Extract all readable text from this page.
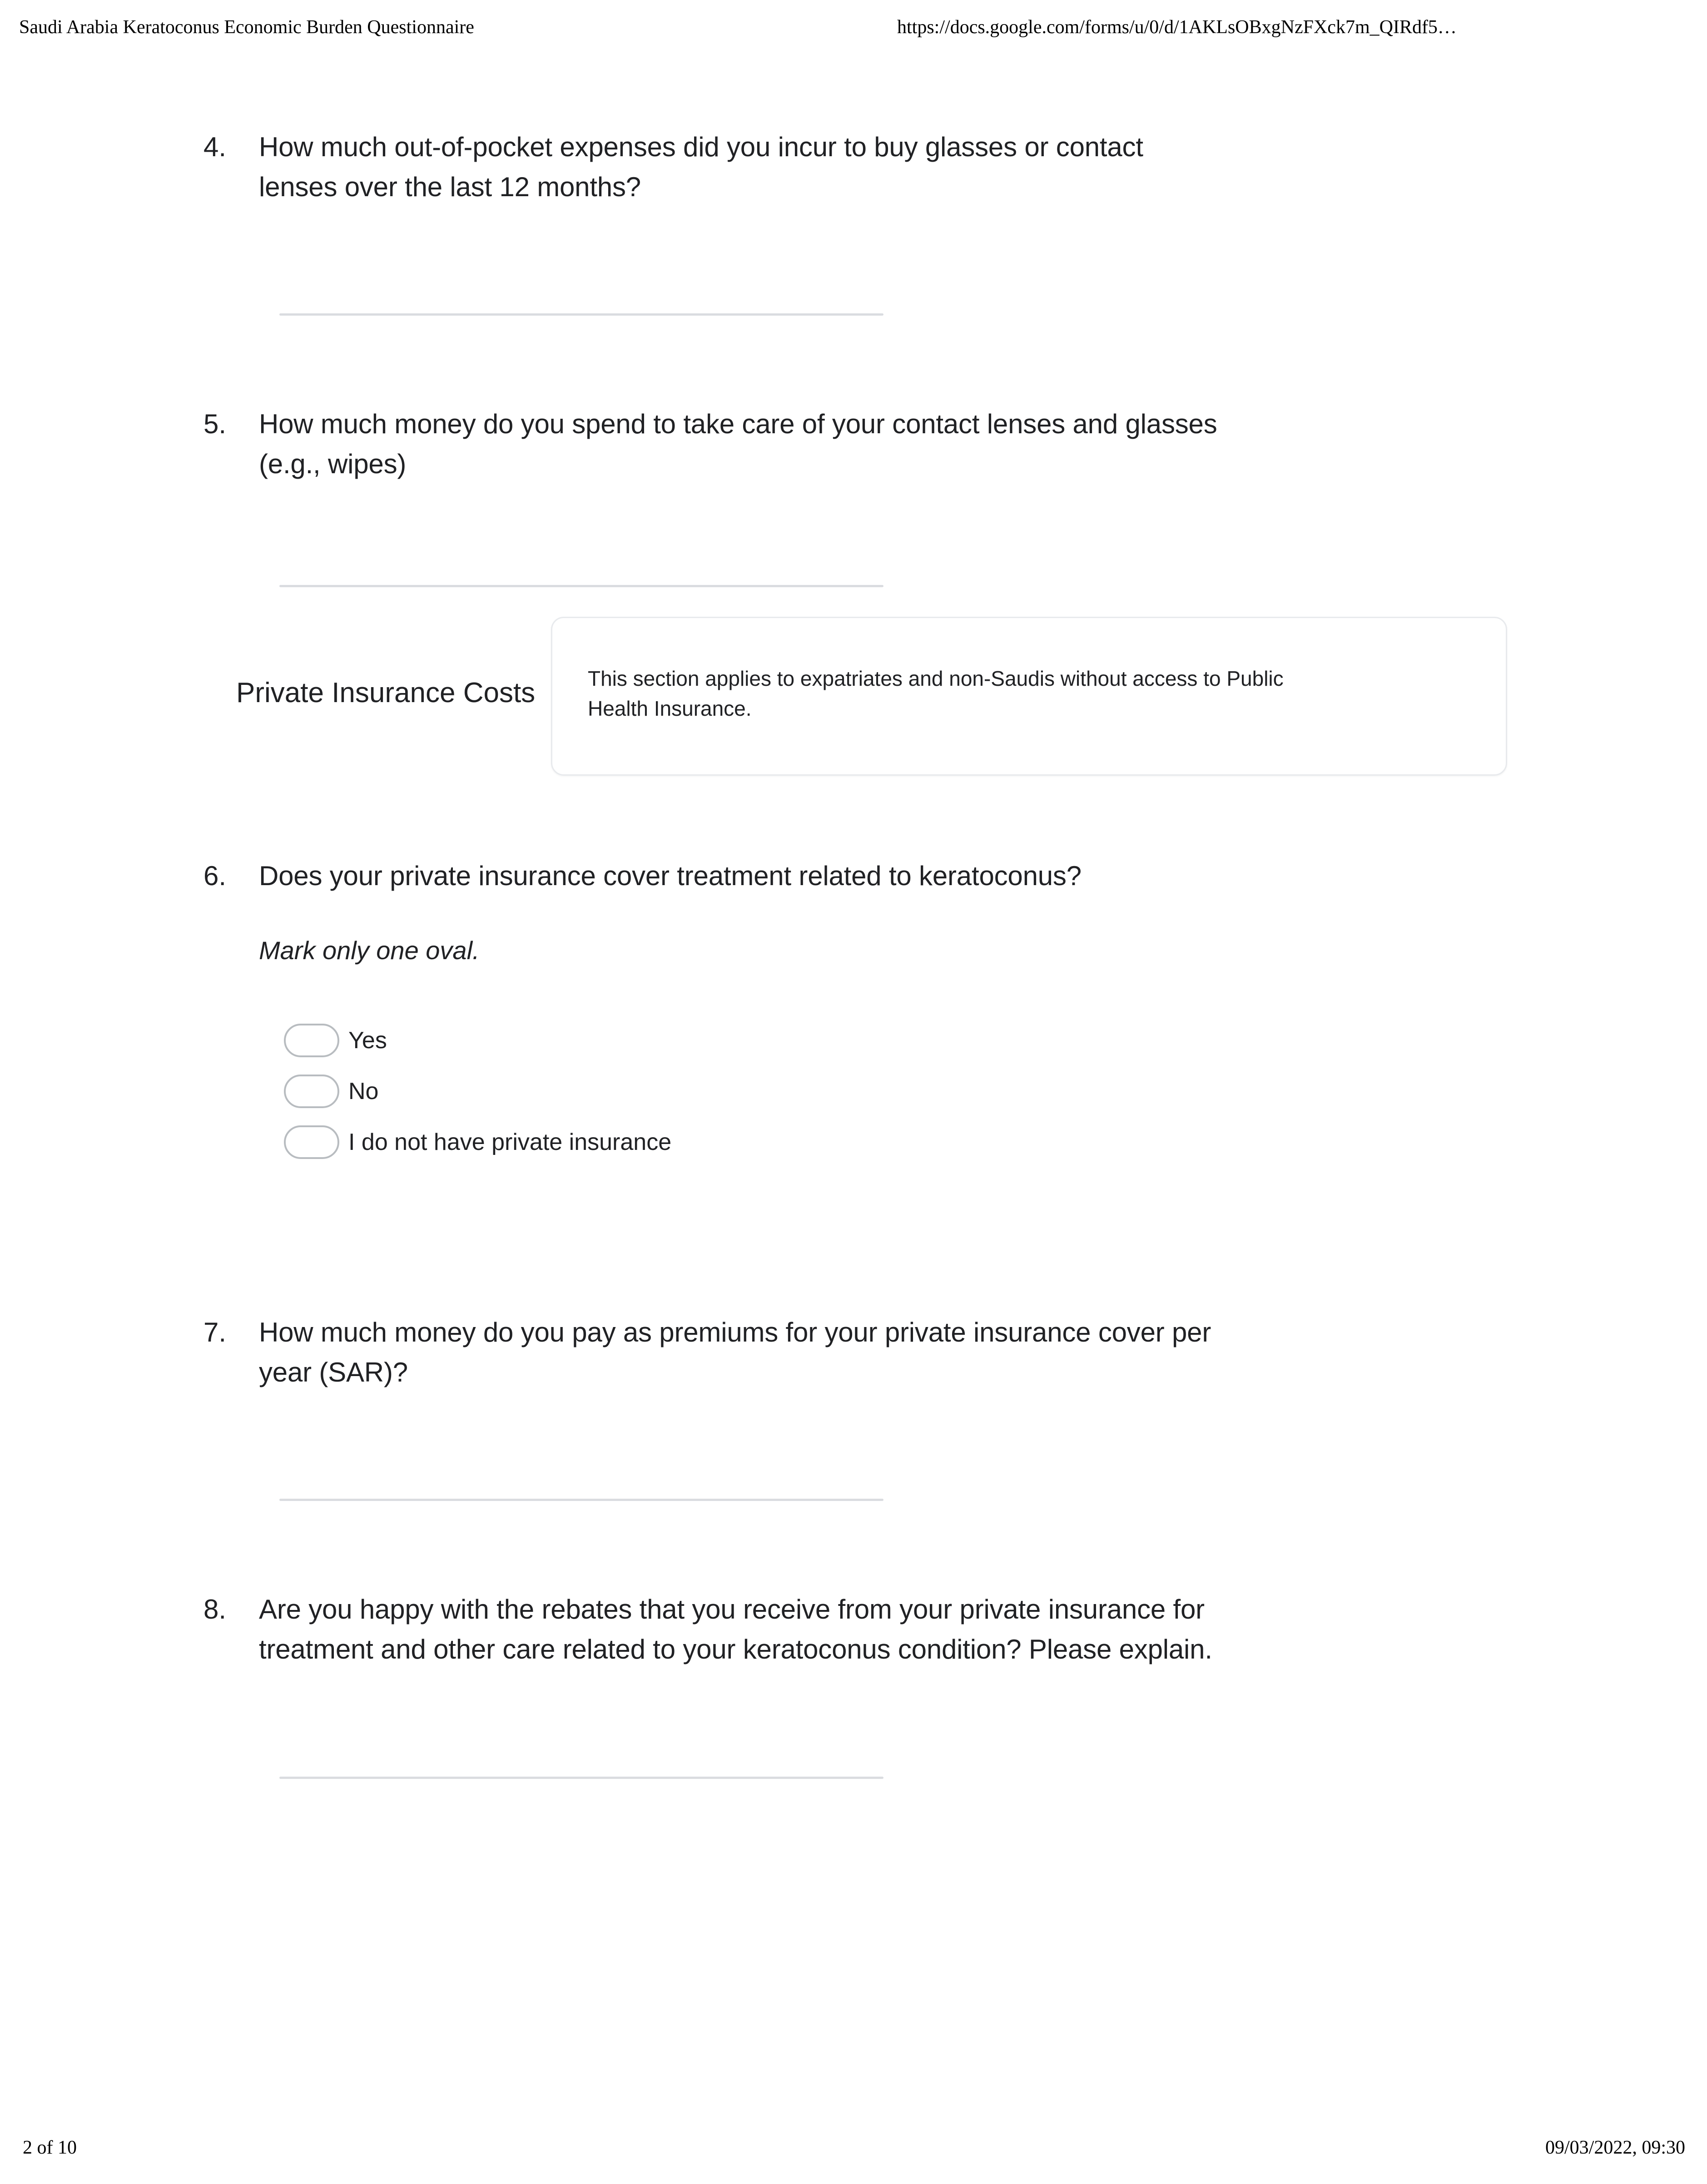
Saudi Arabia Keratoconus Economic Burden Questionnaire	https://docs.google.com/forms/u/0/d/1AKLsOBxgNzFXck7m_QIRdf5…
4.	How much out-of-pocket expenses did you incur to buy glasses or contact
lenses over the last 12 months?
5.	How much money do you spend to take care of your contact lenses and glasses
(e.g., wipes)
Private Insurance Costs	This section applies to expatriates and non-Saudis without access to Public
Health Insurance.
6.	Does your private insurance cover treatment related to keratoconus?
Mark only one oval.
Yes
No
I do not have private insurance
7.	How much money do you pay as premiums for your private insurance cover per
year (SAR)?
8.	Are you happy with the rebates that you receive from your private insurance for
treatment and other care related to your keratoconus condition? Please explain.
2 of 10	09/03/2022, 09:30
